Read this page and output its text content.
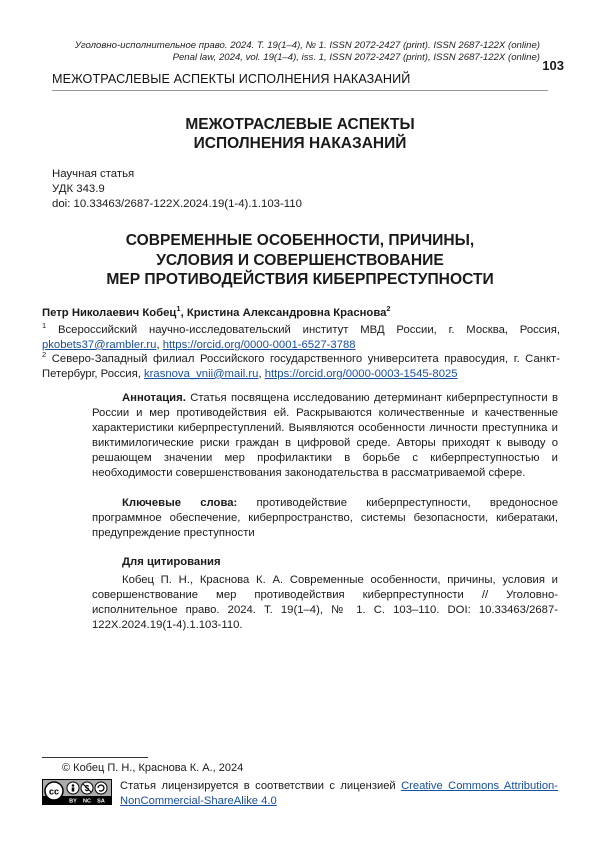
Уголовно-исполнительное право. 2024. Т. 19(1–4), № 1. ISSN 2072-2427 (print). ISSN 2687-122X (online)
Penal law, 2024, vol. 19(1–4), iss. 1, ISSN 2072-2427 (print), ISSN 2687-122X (online)
103
МЕЖОТРАСЛЕВЫЕ АСПЕКТЫ ИСПОЛНЕНИЯ НАКАЗАНИЙ
МЕЖОТРАСЛЕВЫЕ АСПЕКТЫ
ИСПОЛНЕНИЯ НАКАЗАНИЙ
Научная статья
УДК 343.9
doi: 10.33463/2687-122X.2024.19(1-4).1.103-110
СОВРЕМЕННЫЕ ОСОБЕННОСТИ, ПРИЧИНЫ,
УСЛОВИЯ И СОВЕРШЕНСТВОВАНИЕ
МЕР ПРОТИВОДЕЙСТВИЯ КИБЕРПРЕСТУПНОСТИ
Петр Николаевич Кобец1, Кристина Александровна Краснова2
1 Всероссийский научно-исследовательский институт МВД России, г. Москва, Россия, pkobets37@rambler.ru, https://orcid.org/0000-0001-6527-3788
2 Северо-Западный филиал Российского государственного университета правосудия, г. Санкт-Петербург, Россия, krasnova_vnii@mail.ru, https://orcid.org/0000-0003-1545-8025
Аннотация. Статья посвящена исследованию детерминант киберпреступности в России и мер противодействия ей. Раскрываются количественные и качественные характеристики киберпреступлений. Выявляются особенности личности преступника и виктимилогические риски граждан в цифровой среде. Авторы приходят к выводу о решающем значении мер профилактики в борьбе с киберпреступностью и необходимости совершенствования законодательства в рассматриваемой сфере.
Ключевые слова: противодействие киберпреступности, вредоносное программное обеспечение, киберпространство, системы безопасности, кибератаки, предупреждение преступности
Для цитирования
Кобец П. Н., Краснова К. А. Современные особенности, причины, условия и совершенствование мер противодействия киберпреступности // Уголовно-исполнительное право. 2024. Т. 19(1–4), № 1. С. 103–110. DOI: 10.33463/2687-122X.2024.19(1-4).1.103-110.
© Кобец П. Н., Краснова К. А., 2024
cc
BY NC SA
Статья лицензируется в соответствии с лицензией Creative Commons Attribution-NonCommercial-ShareAlike 4.0
